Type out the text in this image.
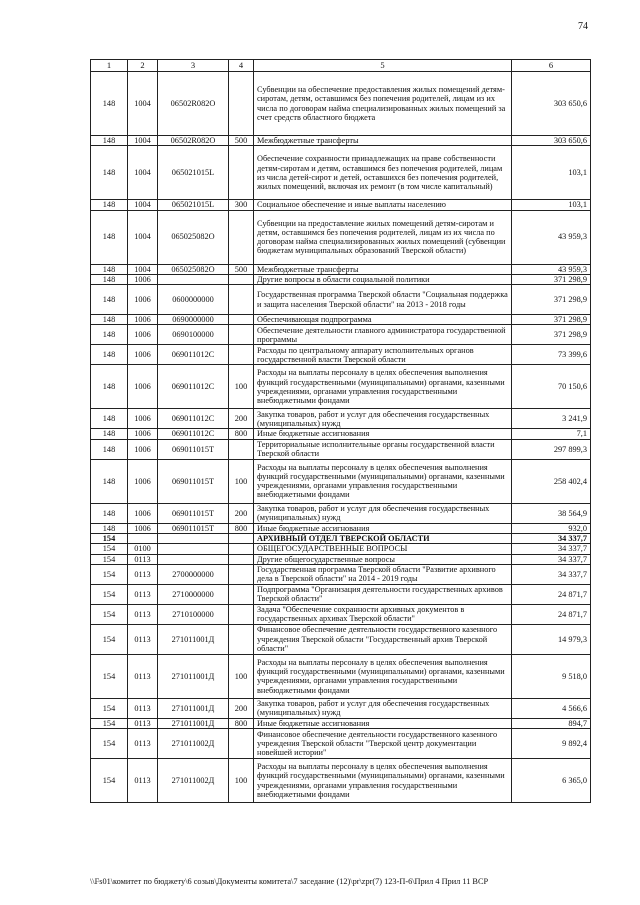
74
1	2	3	4	5	6
148	1004	06502R082O		Субвенции на обеспечение предоставления жилых помещений детям-сиротам, детям, оставшимся без попечения родителей, лицам из их числа по договорам найма специализированных жилых помещений за счет средств областного бюджета	303 650,6
148	1004	06502R082O	500	Межбюджетные трансферты	303 650,6
148	1004	065021015L		Обеспечение сохранности принадлежащих на праве собственности детям-сиротам и детям, оставшимся без попечения родителей, лицам из числа детей-сирот и детей, оставшихся без попечения родителей, жилых помещений, включая их ремонт (в том числе капитальный)	103,1
148	1004	065021015L	300	Социальное обеспечение и иные выплаты населению	103,1
148	1004	065025082O		Субвенции на предоставление жилых помещений детям-сиротам и детям, оставшимся без попечения родителей, лицам из их числа по договорам найма специализированных жилых помещений (субвенции бюджетам муниципальных образований Тверской области)	43 959,3
148	1004	065025082O	500	Межбюджетные трансферты	43 959,3
148	1006			Другие вопросы в области социальной политики	371 298,9
148	1006	0600000000		Государственная программа Тверской области "Социальная поддержка и защита населения Тверской области" на 2013 - 2018 годы	371 298,9
148	1006	0690000000		Обеспечивающая подпрограмма	371 298,9
148	1006	0690100000		Обеспечение деятельности главного администратора государственной программы	371 298,9
148	1006	069011012C		Расходы по центральному аппарату исполнительных органов государственной власти Тверской области	73 399,6
148	1006	069011012C	100	Расходы на выплаты персоналу в целях обеспечения выполнения функций государственными (муниципальными) органами, казенными учреждениями, органами управления государственными внебюджетными фондами	70 150,6
148	1006	069011012C	200	Закупка товаров, работ и услуг для обеспечения государственных (муниципальных) нужд	3 241,9
148	1006	069011012C	800	Иные бюджетные ассигнования	7,1
148	1006	069011015T		Территориальные исполнительные органы государственной власти Тверской области	297 899,3
148	1006	069011015T	100	Расходы на выплаты персоналу в целях обеспечения выполнения функций государственными (муниципальными) органами, казенными учреждениями, органами управления государственными внебюджетными фондами	258 402,4
148	1006	069011015T	200	Закупка товаров, работ и услуг для обеспечения государственных (муниципальных) нужд	38 564,9
148	1006	069011015T	800	Иные бюджетные ассигнования	932,0
154				АРХИВНЫЙ ОТДЕЛ ТВЕРСКОЙ ОБЛАСТИ	34 337,7
154	0100			ОБЩЕГОСУДАРСТВЕННЫЕ ВОПРОСЫ	34 337,7
154	0113			Другие общегосударственные вопросы	34 337,7
154	0113	2700000000		Государственная программа Тверской области "Развитие архивного дела в Тверской области" на 2014 - 2019 годы	34 337,7
154	0113	2710000000		Подпрограмма "Организация деятельности государственных архивов Тверской области"	24 871,7
154	0113	2710100000		Задача "Обеспечение сохранности архивных документов в государственных архивах Тверской области"	24 871,7
154	0113	271011001Д		Финансовое обеспечение деятельности государственного казенного учреждения Тверской области "Государственный архив Тверской области"	14 979,3
154	0113	271011001Д	100	Расходы на выплаты персоналу в целях обеспечения выполнения функций государственными (муниципальными) органами, казенными учреждениями, органами управления государственными внебюджетными фондами	9 518,0
154	0113	271011001Д	200	Закупка товаров, работ и услуг для обеспечения государственных (муниципальных) нужд	4 566,6
154	0113	271011001Д	800	Иные бюджетные ассигнования	894,7
154	0113	271011002Д		Финансовое обеспечение деятельности государственного казенного учреждения Тверской области "Тверской центр документации новейшей истории"	9 892,4
154	0113	271011002Д	100	Расходы на выплаты персоналу в целях обеспечения выполнения функций государственными (муниципальными) органами, казенными учреждениями, органами управления государственными внебюджетными фондами	6 365,0
\\Fs01\комитет по бюджету\6 созыв\Документы комитета\7 заседание (12)\pr\zpr(7) 123-П-6\Прил 4 Прил 11 ВСР
